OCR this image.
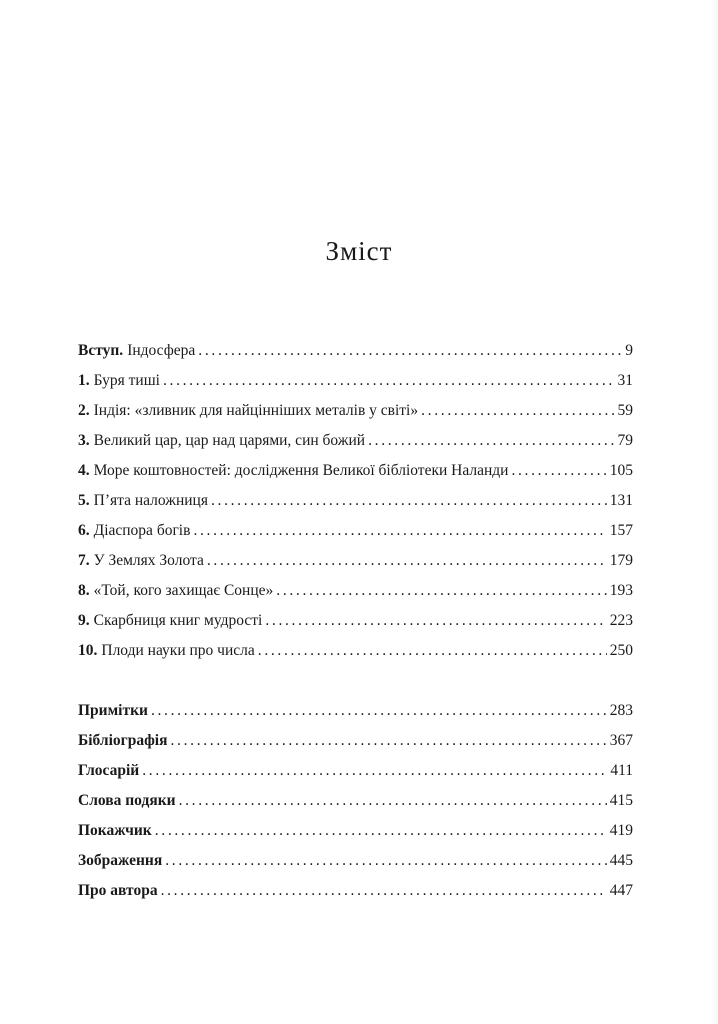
Зміст
Вступ. Індосфера . . .	9
1. Буря тиші . . .	31
2. Індія: «зливник для найцінніших металів у світі» . . .	59
3. Великий цар, цар над царями, син божий . . .	79
4. Море коштовностей: дослідження Великої бібліотеки Наланди . . .	105
5. П’ята наложниця . . .	131
6. Діаспора богів . . .	157
7. У Землях Золота . . .	179
8. «Той, кого захищає Сонце» . . .	193
9. Скарбниця книг мудрості . . .	223
10. Плоди науки про числа . . .	250
Примітки . . .	283
Бібліографія . . .	367
Глосарій . . .	411
Слова подяки . . .	415
Покажчик . . .	419
Зображення . . .	445
Про автора . . .	447
